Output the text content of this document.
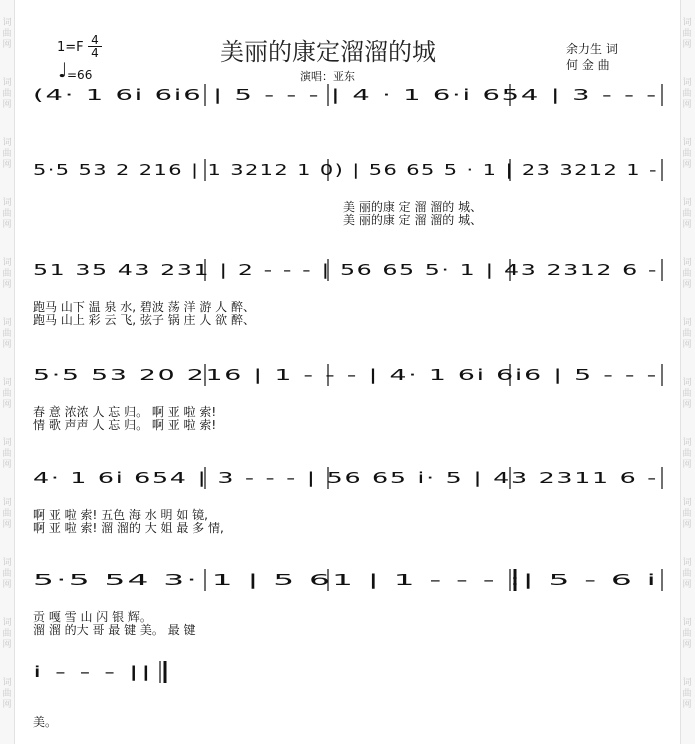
词
曲
网
词
曲
网
词
曲
网
词
曲
网
词
曲
网
词
曲
网
词
曲
网
词
曲
网
词
曲
网
词
曲
网
词
曲
网
词
曲
网
词
曲
网
词
曲
网
词
曲
网
词
曲
网
词
曲
网
词
曲
网
词
曲
网
词
曲
网
词
曲
网
词
曲
网
词
曲
网
词
曲
网
美丽的康定溜溜的城
1=F 4
4
♩ =66	演唱：亚东
余力生 词
何 金 曲
(4· 1 6i 6i6 | 5 - - - | 4 · 1 6·i 654 | 3 - - -
5·5 53 2 216 | 1 3212 1 0) | 56 65 5 · 1 | 23 3212 1 -
美 丽的康 定 溜 溜的 城、
美 丽的康 定 溜 溜的 城、
51 35 43 231 | 2 - - - | 56 65 5· 1 | 43 2312 6 -
跑马 山下 温 泉 水, 碧波 荡 洋 游 人 醉、
跑马 山上 彩 云 飞, 弦子 锅 庄 人 欲 醉、
5·5 53 20 216 | 1 - - - | 4· 1 6i 6i6 | 5 - - -
春 意 浓浓 人 忘 归。 啊 亚 啦 索!
情 歌 声声 人 忘 归。 啊 亚 啦 索!
4· 1 6i 654 | 3 - - - | 56 65 i· 5 | 43 2311 6 -
啊 亚 啦 索! 五色 海 水 明 如 镜,
啊 亚 啦 索! 溜 溜的 大 姐 最 多 情,
5·5 54 3· 1 | 5 61 | 1 - - - :| 5 - 6 i
贡 嘎 雪 山 闪 银 辉。
溜 溜 的大 哥 最 键 美。 最 键
i - - - ||
美。
